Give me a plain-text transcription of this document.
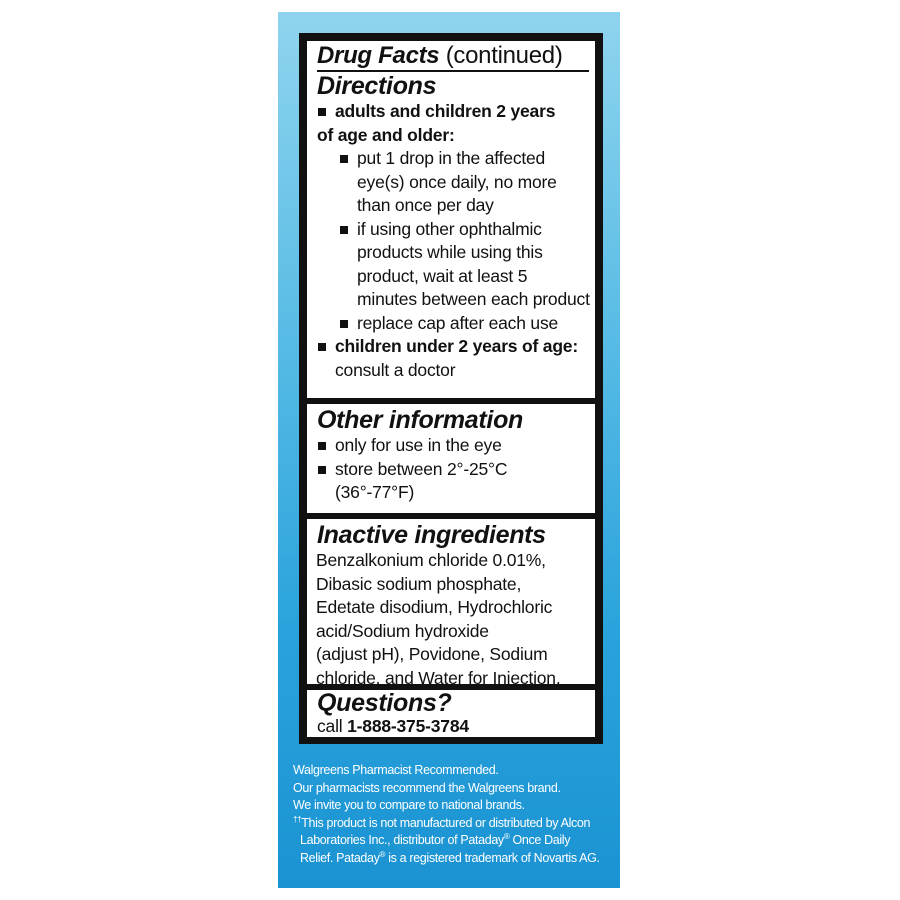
Drug Facts (continued)
Directions
adults and children 2 years
of age and older:
put 1 drop in the affected
eye(s) once daily, no more
than once per day
if using other ophthalmic
products while using this
product, wait at least 5
minutes between each product
replace cap after each use
children under 2 years of age:
consult a doctor
Other information
only for use in the eye
store between 2°-25°C
(36°-77°F)
Inactive ingredients
Benzalkonium chloride 0.01%,
Dibasic sodium phosphate,
Edetate disodium, Hydrochloric
acid/Sodium hydroxide
(adjust pH), Povidone, Sodium
chloride, and Water for Injection.
Questions?
call 1-888-375-3784
Walgreens Pharmacist Recommended.
Our pharmacists recommend the Walgreens brand.
We invite you to compare to national brands.
††This product is not manufactured or distributed by Alcon
Laboratories Inc., distributor of Pataday® Once Daily
Relief. Pataday® is a registered trademark of Novartis AG.
